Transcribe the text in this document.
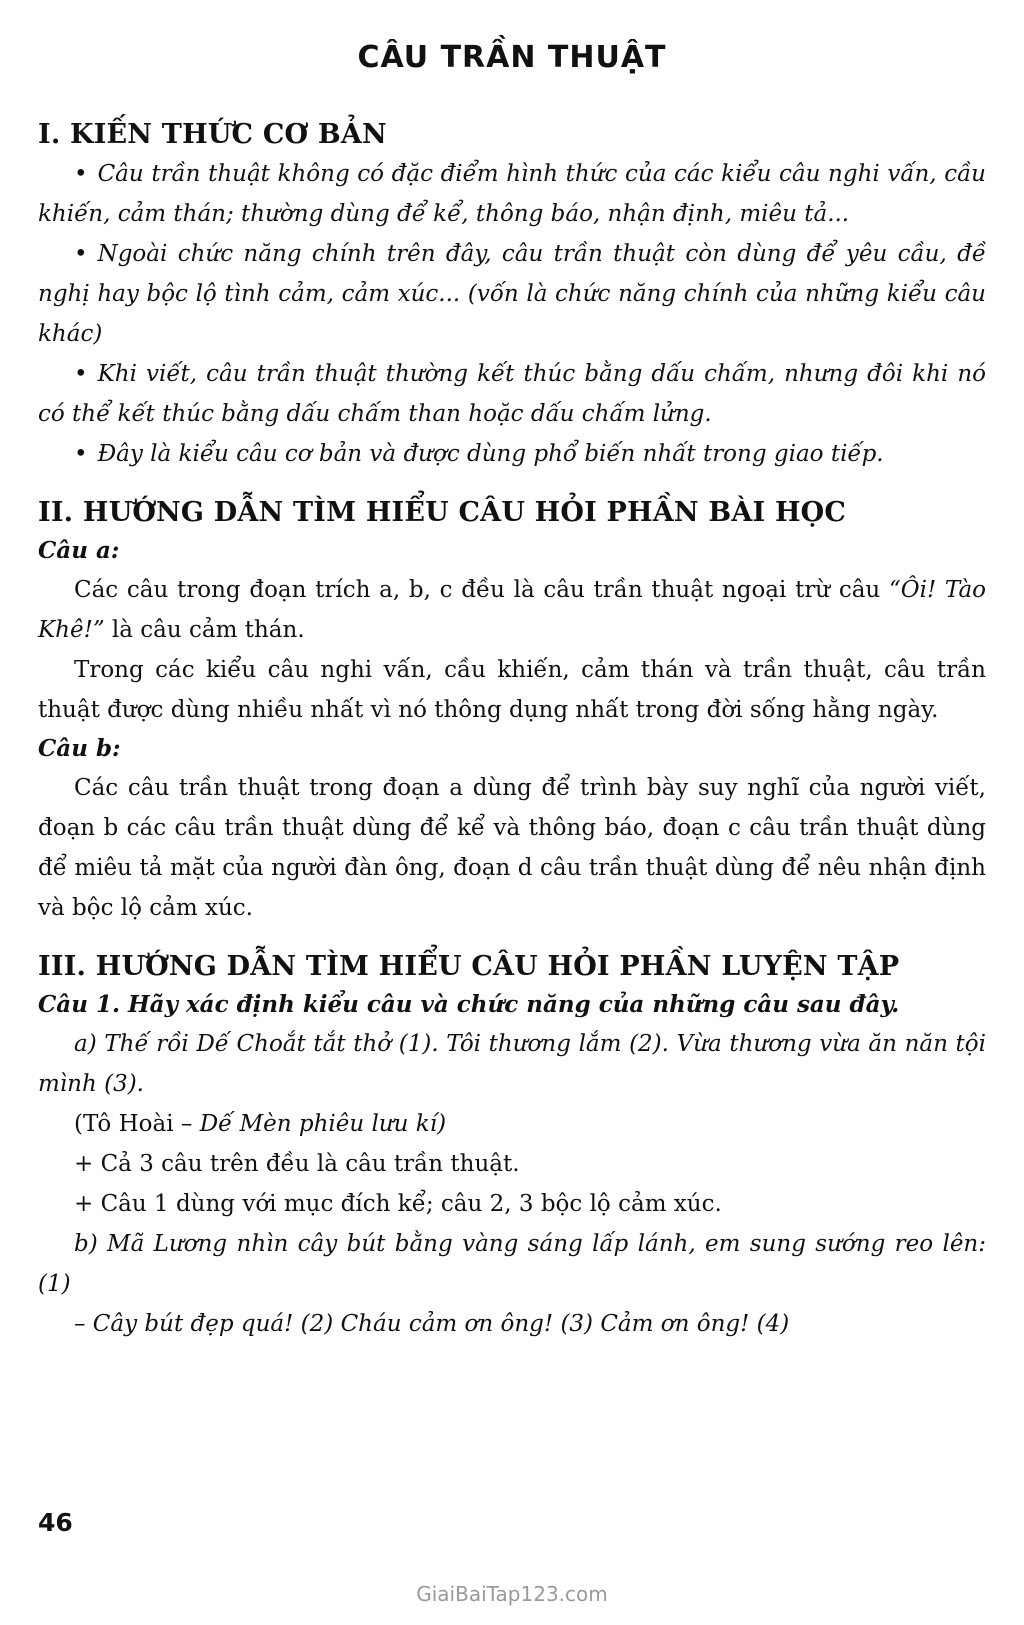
CÂU TRẦN THUẬT
I. KIẾN THỨC CƠ BẢN

• Câu trần thuật không có đặc điểm hình thức của các kiểu câu nghi vấn, cầu khiến, cảm thán; thường dùng để kể, thông báo, nhận định, miêu tả...

• Ngoài chức năng chính trên đây, câu trần thuật còn dùng để yêu cầu, đề nghị hay bộc lộ tình cảm, cảm xúc... (vốn là chức năng chính của những kiểu câu khác)

• Khi viết, câu trần thuật thường kết thúc bằng dấu chấm, nhưng đôi khi nó có thể kết thúc bằng dấu chấm than hoặc dấu chấm lửng.

• Đây là kiểu câu cơ bản và được dùng phổ biến nhất trong giao tiếp.

II. HƯỚNG DẪN TÌM HIỂU CÂU HỎI PHẦN BÀI HỌC
Câu a:

Các câu trong đoạn trích a, b, c đều là câu trần thuật ngoại trừ câu “Ôi! Tào Khê!” là câu cảm thán.

Trong các kiểu câu nghi vấn, cầu khiến, cảm thán và trần thuật, câu trần thuật được dùng nhiều nhất vì nó thông dụng nhất trong đời sống hằng ngày.

Câu b:

Các câu trần thuật trong đoạn a dùng để trình bày suy nghĩ của người viết, đoạn b các câu trần thuật dùng để kể và thông báo, đoạn c câu trần thuật dùng để miêu tả mặt của người đàn ông, đoạn d câu trần thuật dùng để nêu nhận định và bộc lộ cảm xúc.

III. HƯỚNG DẪN TÌM HIỂU CÂU HỎI PHẦN LUYỆN TẬP
Câu 1. Hãy xác định kiểu câu và chức năng của những câu sau đây.

a) Thế rồi Dế Choắt tắt thở (1). Tôi thương lắm (2). Vừa thương vừa ăn năn tội mình (3).

(Tô Hoài – Dế Mèn phiêu lưu kí)

+ Cả 3 câu trên đều là câu trần thuật.

+ Câu 1 dùng với mục đích kể; câu 2, 3 bộc lộ cảm xúc.

b) Mã Lương nhìn cây bút bằng vàng sáng lấp lánh, em sung sướng reo lên: (1)

– Cây bút đẹp quá! (2) Cháu cảm ơn ông! (3) Cảm ơn ông! (4)

46
GiaiBaiTap123.com
